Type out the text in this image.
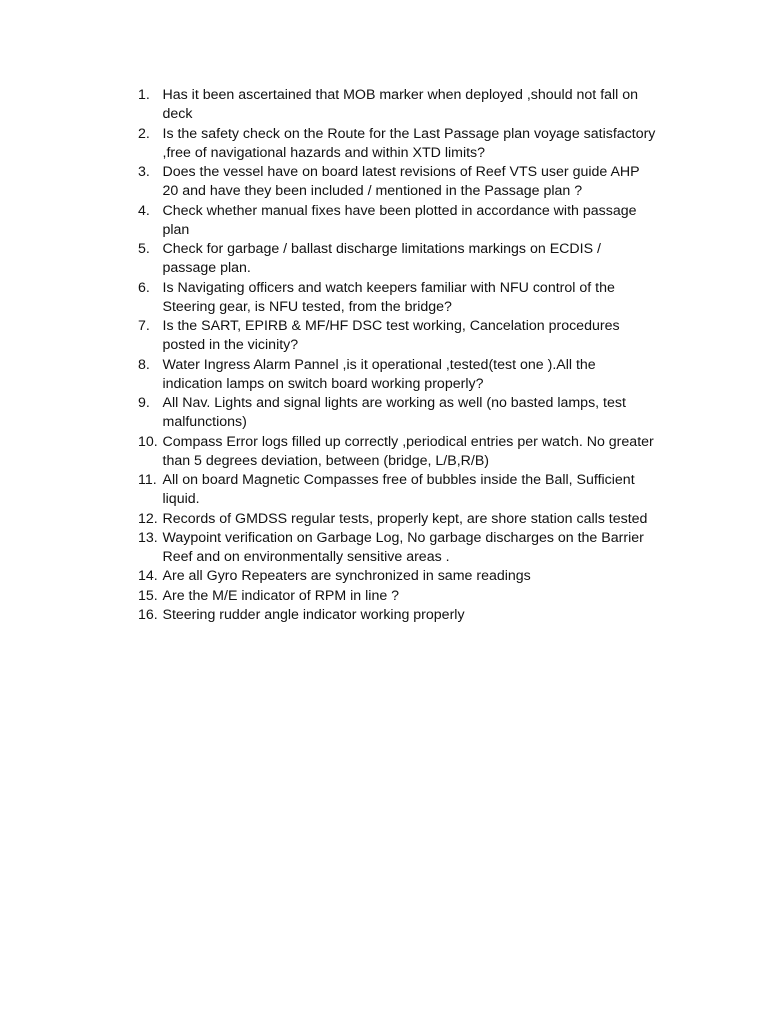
1. Has it been ascertained that MOB marker when deployed ,should not fall on deck
2. Is the safety check on the Route for the Last Passage plan voyage satisfactory ,free of navigational hazards and within XTD limits?
3. Does the vessel have on board latest revisions of Reef VTS user guide AHP 20 and have they been included / mentioned in the Passage plan ?
4. Check whether manual fixes have been plotted in accordance with passage plan
5. Check for garbage / ballast discharge limitations markings on ECDIS / passage plan.
6. Is Navigating officers and watch keepers familiar with NFU control of the Steering gear, is NFU tested, from the bridge?
7. Is the SART, EPIRB & MF/HF DSC test working, Cancelation procedures posted in the vicinity?
8. Water Ingress Alarm Pannel ,is it operational ,tested(test one ).All the indication lamps on switch board working properly?
9. All Nav. Lights and signal lights are working as well (no basted lamps, test malfunctions)
10. Compass Error logs filled up correctly ,periodical entries per watch. No greater than 5 degrees deviation, between (bridge, L/B,R/B)
11. All on board Magnetic Compasses free of bubbles inside the Ball, Sufficient liquid.
12. Records of GMDSS regular tests, properly kept, are shore station calls tested
13. Waypoint verification on Garbage Log, No garbage discharges on the Barrier Reef and on environmentally sensitive areas .
14. Are all Gyro Repeaters are synchronized in same readings
15. Are the M/E indicator of RPM in line ?
16. Steering rudder angle indicator working properly
